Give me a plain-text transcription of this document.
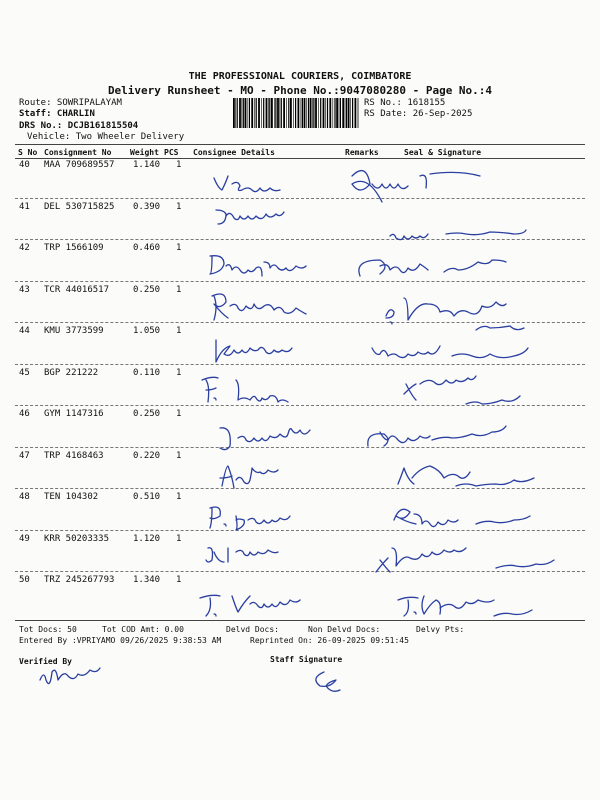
THE PROFESSIONAL COURIERS, COIMBATORE
Delivery Runsheet - MO - Phone No.:9047080280 - Page No.:4
Route: SOWRIPALAYAM
Staff: CHARLIN
DRS No.: DCJB161815504
Vehicle: Two Wheeler Delivery
RS No.: 1618155
RS Date: 26-Sep-2025
S No Consignment No Weight PCS Consignee Details	Remarks	Seal & Signature
40 MAA 709689557 1.140 1
41 DEL 530715825 0.390 1
42 TRP 1566109	0.460 1
43 TCR 44016517	0.250 1
44 KMU 3773599	1.050 1
45 BGP 221222	0.110 1
46 GYM 1147316	0.250 1
47 TRP 4168463	0.220 1
48 TEN 104302	0.510 1
49 KRR 50203335	1.120 1
50 TRZ 245267793 1.340 1
Tot Docs: 50	Tot COD Amt: 0.00	Delvd Docs:	Non Delvd Docs:	Delvy Pts:
Entered By :VPRIYAMO 09/26/2025 9:38:53 AM	Reprinted On: 26-09-2025 09:51:45
Verified By	Staff Signature
